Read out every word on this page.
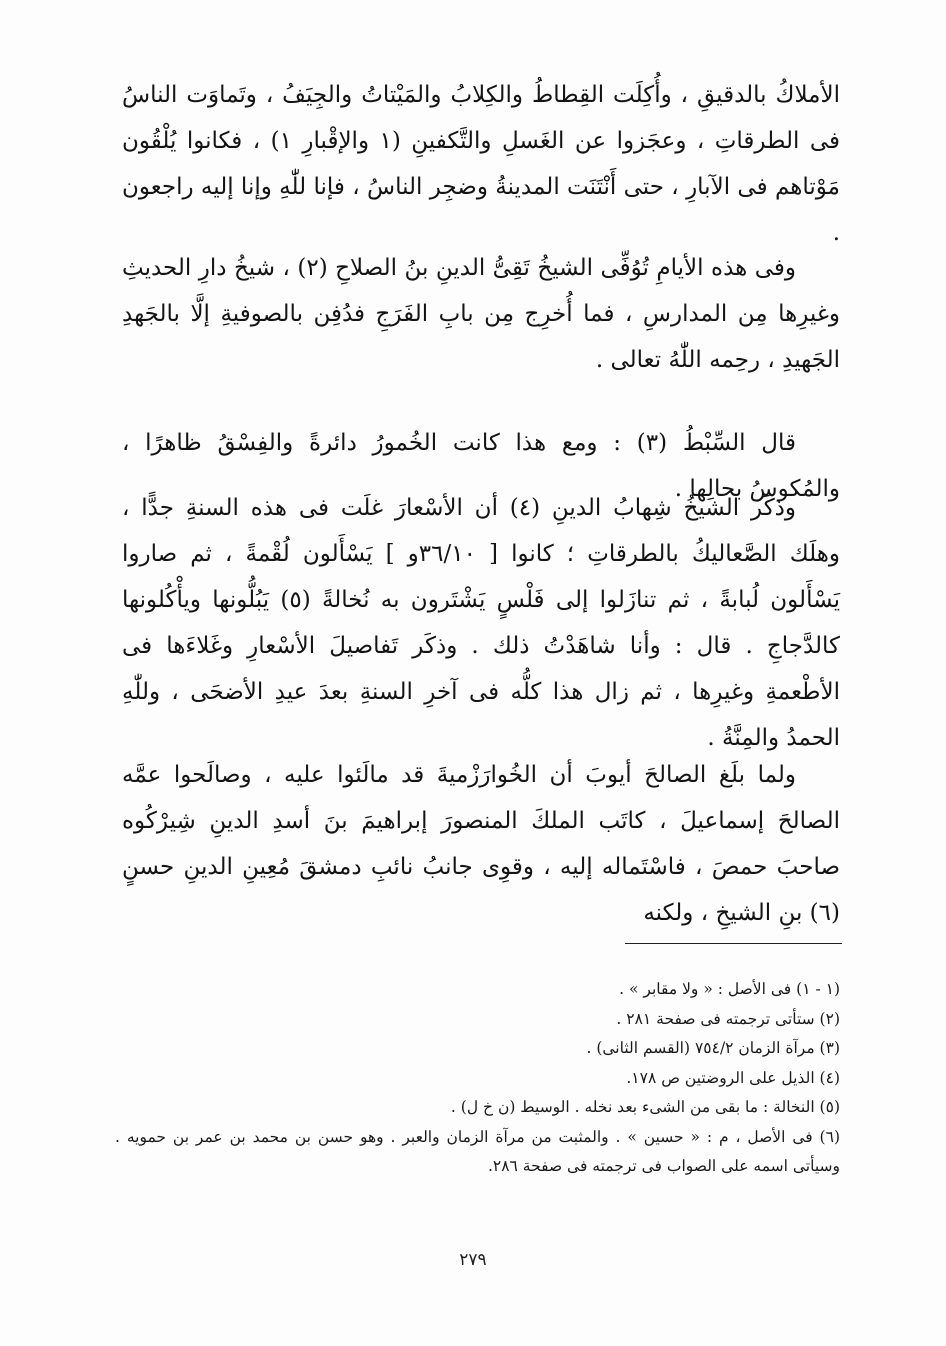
الأملاكُ بالدقيقِ ، وأُكِلَت القِطاطُ والكِلابُ والمَيْتاتُ والجِيَفُ ، وتَماوَت الناسُ فى الطرقاتِ ، وعجَزوا عن الغَسلِ والتَّكفينِ (١ والإقْبارِ ١) ، فكانوا يُلْقُون مَوْتاهم فى الآبارِ ، حتى أَنْتَنَت المدينةُ وضجِر الناسُ ، فإنا للّٰهِ وإنا إليه راجعون .

وفى هذه الأيامِ تُوُفِّى الشيخُ تَقِىُّ الدينِ بنُ الصلاحِ (٢) ، شيخُ دارِ الحديثِ وغيرِها مِن المدارسِ ، فما أُخرِج مِن بابِ الفَرَجِ فدُفِن بالصوفيةِ إلَّا بالجَهدِ الجَهيدِ ، رحِمه اللّٰهُ تعالى .

قال السِّبْطُ (٣) : ومع هذا كانت الخُمورُ دائرةً والفِسْقُ ظاهرًا ، والمُكوسُ بحالِها .

وذكَر الشيخُ شِهابُ الدينِ (٤) أن الأسْعارَ غلَت فى هذه السنةِ جدًّا ، وهلَك الصَّعاليكُ بالطرقاتِ ؛ كانوا [ ٣٦/١٠و ] يَسْأَلون لُقْمةً ، ثم صاروا يَسْأَلون لُبابةً ، ثم تنازَلوا إلى فَلْسٍ يَشْتَرون به نُخالةً (٥) يَبُلُّونها ويأْكُلونها كالدَّجاجِ . قال : وأنا شاهَدْتُ ذلك . وذكَر تَفاصيلَ الأسْعارِ وغَلاءَها فى الأطْعمةِ وغيرِها ، ثم زال هذا كلُّه فى آخرِ السنةِ بعدَ عيدِ الأضحَى ، وللّٰهِ الحمدُ والمِنَّةُ .

ولما بلَغ الصالحَ أيوبَ أن الخُوارَزْميةَ قد مالَئوا عليه ، وصالَحوا عمَّه الصالحَ إسماعيلَ ، كاتَب الملكَ المنصورَ إبراهيمَ بنَ أسدِ الدينِ شِيرْكُوه صاحبَ حمصَ ، فاسْتَماله إليه ، وقوِى جانبُ نائبِ دمشقَ مُعِينِ الدينِ حسنٍ (٦) بنِ الشيخِ ، ولكنه

(١ - ١) فى الأصل : « ولا مقابر » .

(٢) ستأتى ترجمته فى صفحة ٢٨١ .

(٣) مرآة الزمان ٧٥٤/٢ (القسم الثانى) .

(٤) الذيل على الروضتين ص ١٧٨.

(٥) النخالة : ما بقى من الشىء بعد نخله . الوسيط (ن خ ل) .

(٦) فى الأصل ، م : « حسين » . والمثبت من مرآة الزمان والعبر . وهو حسن بن محمد بن عمر بن حمويه . وسيأتى اسمه على الصواب فى ترجمته فى صفحة ٢٨٦.

٢٧٩
